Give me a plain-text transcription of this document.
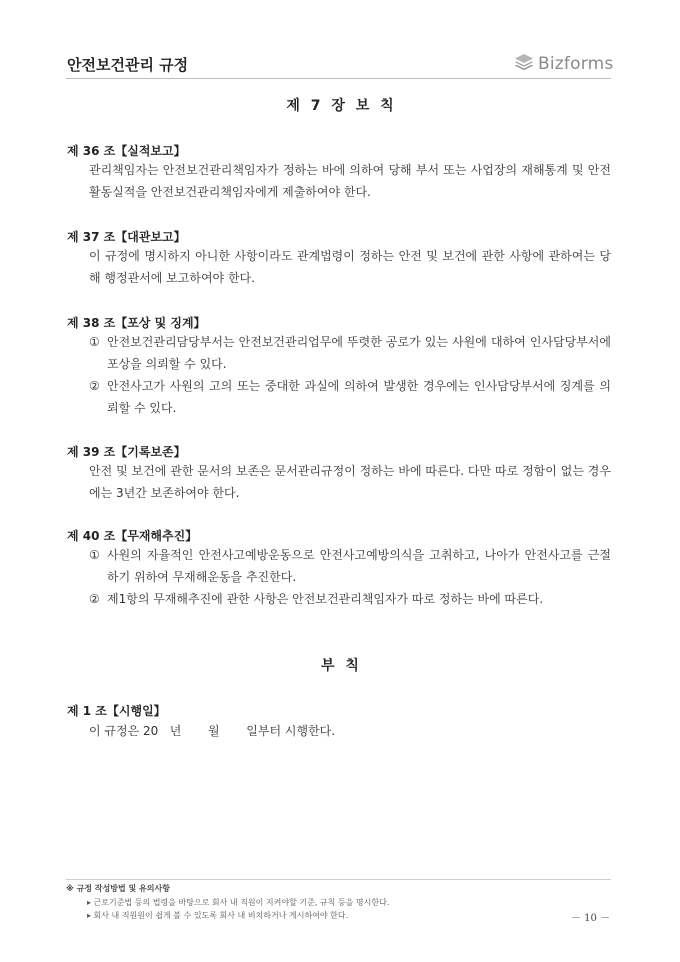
안전보건관리 규정	Bizforms
제 7 장 보 칙
제 36 조【실적보고】
관리책임자는 안전보건관리책임자가 정하는 바에 의하여 당해 부서 또는 사업장의 재해통계 및 안전활동실적을 안전보건관리책임자에게 제출하여야 한다.
제 37 조【대관보고】
이 규정에 명시하지 아니한 사항이라도 관계법령이 정하는 안전 및 보건에 관한 사항에 관하여는 당해 행정관서에 보고하여야 한다.
제 38 조【포상 및 징계】
① 안전보건관리담당부서는 안전보건관리업무에 뚜렷한 공로가 있는 사원에 대하여 인사담당부서에 포상을 의뢰할 수 있다.
② 안전사고가 사원의 고의 또는 중대한 과실에 의하여 발생한 경우에는 인사담당부서에 징계를 의뢰할 수 있다.
제 39 조【기록보존】
안전 및 보건에 관한 문서의 보존은 문서관리규정이 정하는 바에 따른다. 다만 따로 정함이 없는 경우에는 3년간 보존하여야 한다.
제 40 조【무재해추진】
① 사원의 자율적인 안전사고예방운동으로 안전사고예방의식을 고취하고, 나아가 안전사고를 근절하기 위하여 무재해운동을 추진한다.
② 제1항의 무재해추진에 관한 사항은 안전보건관리책임자가 따로 정하는 바에 따른다.
부 칙
제 1 조【시행일】
이 규정은 20   년       월       일부터 시행한다.
※ 규정 작성방법 및 유의사항
▸ 근로기준법 등의 법령을 바탕으로 회사 내 직원이 지켜야할 기준, 규칙 등을 명시한다.
▸ 회사 내 직원원이 쉽게 볼 수 있도록 회사 내 비치하거나 게시하여야 한다.	－ 10 －
